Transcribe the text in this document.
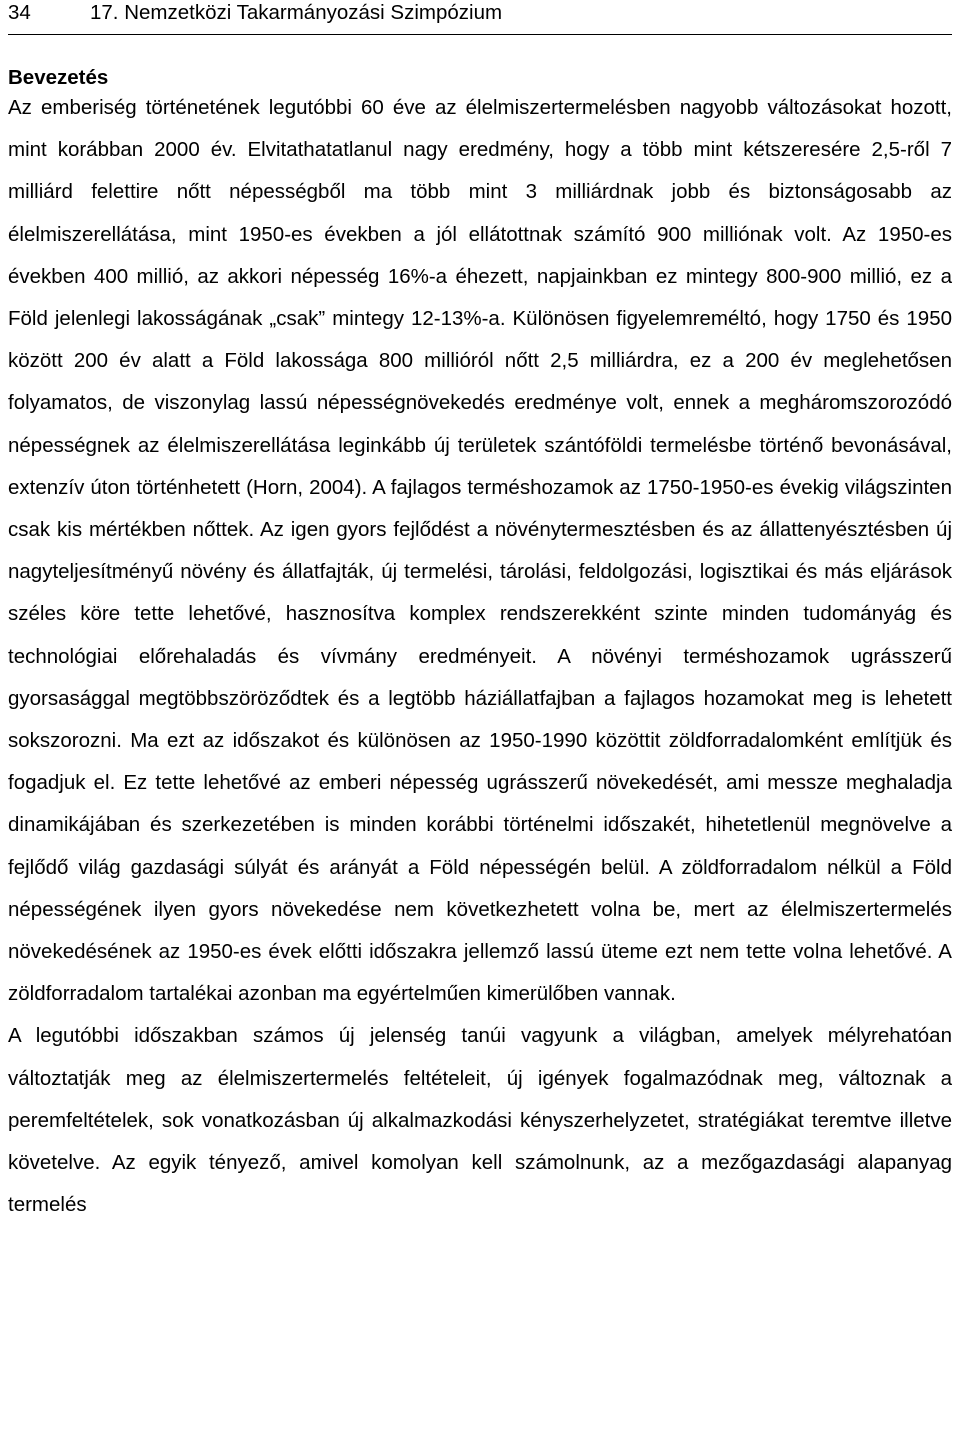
34	17. Nemzetközi Takarmányozási Szimpózium
Bevezetés

Az emberiség történetének legutóbbi 60 éve az élelmiszertermelésben nagyobb változásokat hozott, mint korábban 2000 év. Elvitathatatlanul nagy eredmény, hogy a több mint kétszeresére 2,5-ről 7 milliárd felettire nőtt népességből ma több mint 3 milliárdnak jobb és biztonságosabb az élelmiszerellátása, mint 1950-es években a jól ellátottnak számító 900 milliónak volt. Az 1950-es években 400 millió, az akkori népesség 16%-a éhezett, napjainkban ez mintegy 800-900 millió, ez a Föld jelenlegi lakosságának „csak” mintegy 12-13%-a. Különösen figyelemreméltó, hogy 1750 és 1950 között 200 év alatt a Föld lakossága 800 millióról nőtt 2,5 milliárdra, ez a 200 év meglehetősen folyamatos, de viszonylag lassú népességnövekedés eredménye volt, ennek a megháromszorozódó népességnek az élelmiszerellátása leginkább új területek szántóföldi termelésbe történő bevonásával, extenzív úton történhetett (Horn, 2004). A fajlagos terméshozamok az 1750-1950-es évekig világszinten csak kis mértékben nőttek. Az igen gyors fejlődést a növénytermesztésben és az állattenyésztésben új nagyteljesítményű növény és állatfajták, új termelési, tárolási, feldolgozási, logisztikai és más eljárások széles köre tette lehetővé, hasznosítva komplex rendszerekként szinte minden tudományág és technológiai előrehaladás és vívmány eredményeit. A növényi terméshozamok ugrásszerű gyorsasággal megtöbbszöröződtek és a legtöbb háziállatfajban a fajlagos hozamokat meg is lehetett sokszorozni. Ma ezt az időszakot és különösen az 1950-1990 közöttit zöldforradalomként említjük és fogadjuk el. Ez tette lehetővé az emberi népesség ugrásszerű növekedését, ami messze meghaladja dinamikájában és szerkezetében is minden korábbi történelmi időszakét, hihetetlenül megnövelve a fejlődő világ gazdasági súlyát és arányát a Föld népességén belül. A zöldforradalom nélkül a Föld népességének ilyen gyors növekedése nem következhetett volna be, mert az élelmiszertermelés növekedésének az 1950-es évek előtti időszakra jellemző lassú üteme ezt nem tette volna lehetővé. A zöldforradalom tartalékai azonban ma egyértelműen kimerülőben vannak.

A legutóbbi időszakban számos új jelenség tanúi vagyunk a világban, amelyek mélyrehatóan változtatják meg az élelmiszertermelés feltételeit, új igények fogalmazódnak meg, változnak a peremfeltételek, sok vonatkozásban új alkalmazkodási kényszerhelyzetet, stratégiákat teremtve illetve követelve. Az egyik tényező, amivel komolyan kell számolnunk, az a mezőgazdasági alapanyag termelés
